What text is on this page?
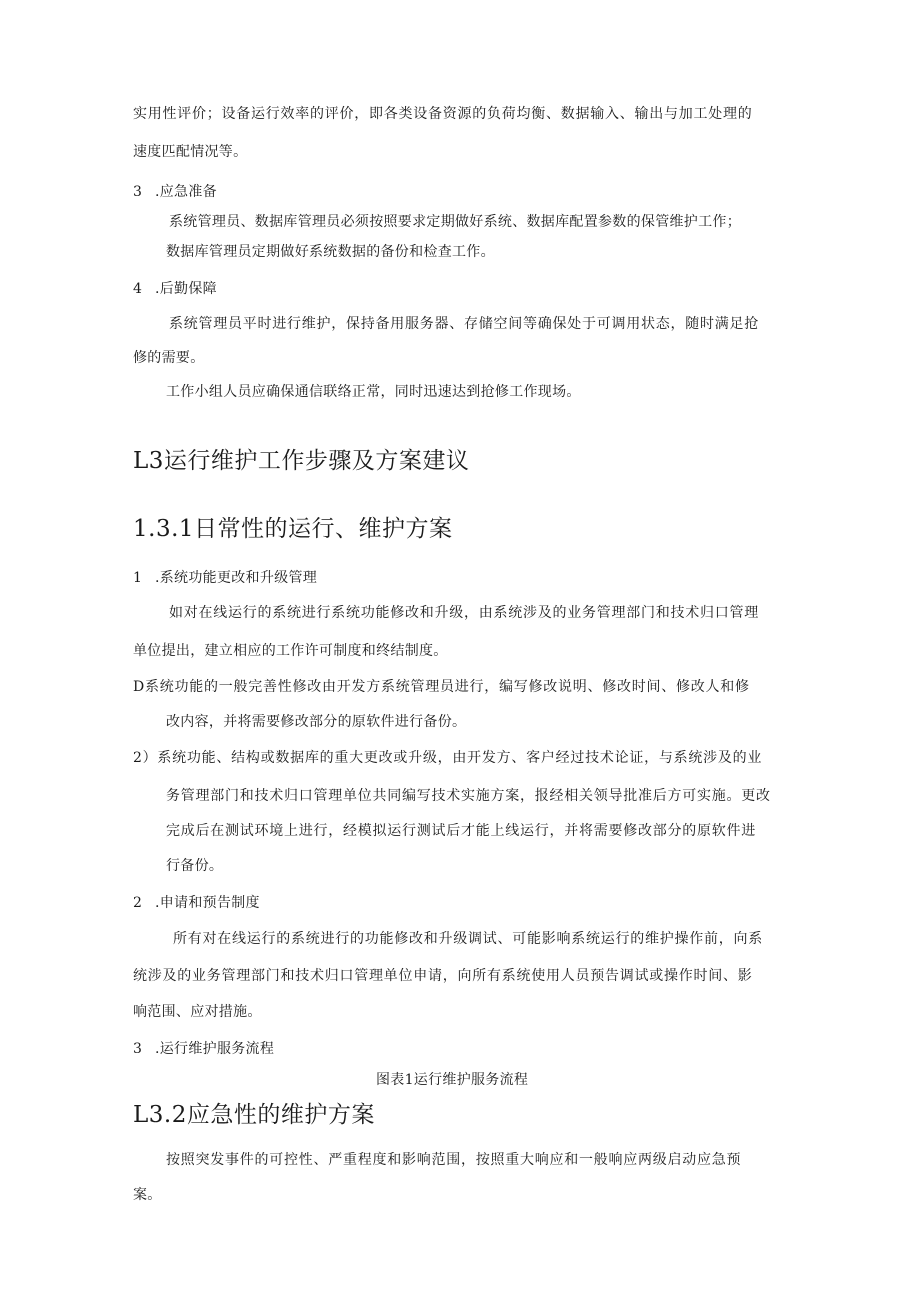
实用性评价；设备运行效率的评价，即各类设备资源的负荷均衡、数据输入、输出与加工处理的

速度匹配情况等。

3 .应急准备

系统管理员、数据库管理员必须按照要求定期做好系统、数据库配置参数的保管维护工作；

数据库管理员定期做好系统数据的备份和检查工作。

4 .后勤保障

系统管理员平时进行维护，保持备用服务器、存储空间等确保处于可调用状态，随时满足抢

修的需要。

工作小组人员应确保通信联络正常，同时迅速达到抢修工作现场。

L3运行维护工作步骤及方案建议
1.3.1日常性的运行、维护方案

1 .系统功能更改和升级管理

如对在线运行的系统进行系统功能修改和升级，由系统涉及的业务管理部门和技术归口管理

单位提出，建立相应的工作许可制度和终结制度。

D系统功能的一般完善性修改由开发方系统管理员进行，编写修改说明、修改时间、修改人和修

改内容，并将需要修改部分的原软件进行备份。

2）系统功能、结构或数据库的重大更改或升级，由开发方、客户经过技术论证，与系统涉及的业

务管理部门和技术归口管理单位共同编写技术实施方案，报经相关领导批准后方可实施。更改

完成后在测试环境上进行，经模拟运行测试后才能上线运行，并将需要修改部分的原软件进

行备份。

2 .申请和预告制度

所有对在线运行的系统进行的功能修改和升级调试、可能影响系统运行的维护操作前，向系

统涉及的业务管理部门和技术归口管理单位申请，向所有系统使用人员预告调试或操作时间、影

响范围、应对措施。

3 .运行维护服务流程

图表1运行维护服务流程

L3.2应急性的维护方案

按照突发事件的可控性、严重程度和影响范围，按照重大响应和一般响应两级启动应急预

案。
